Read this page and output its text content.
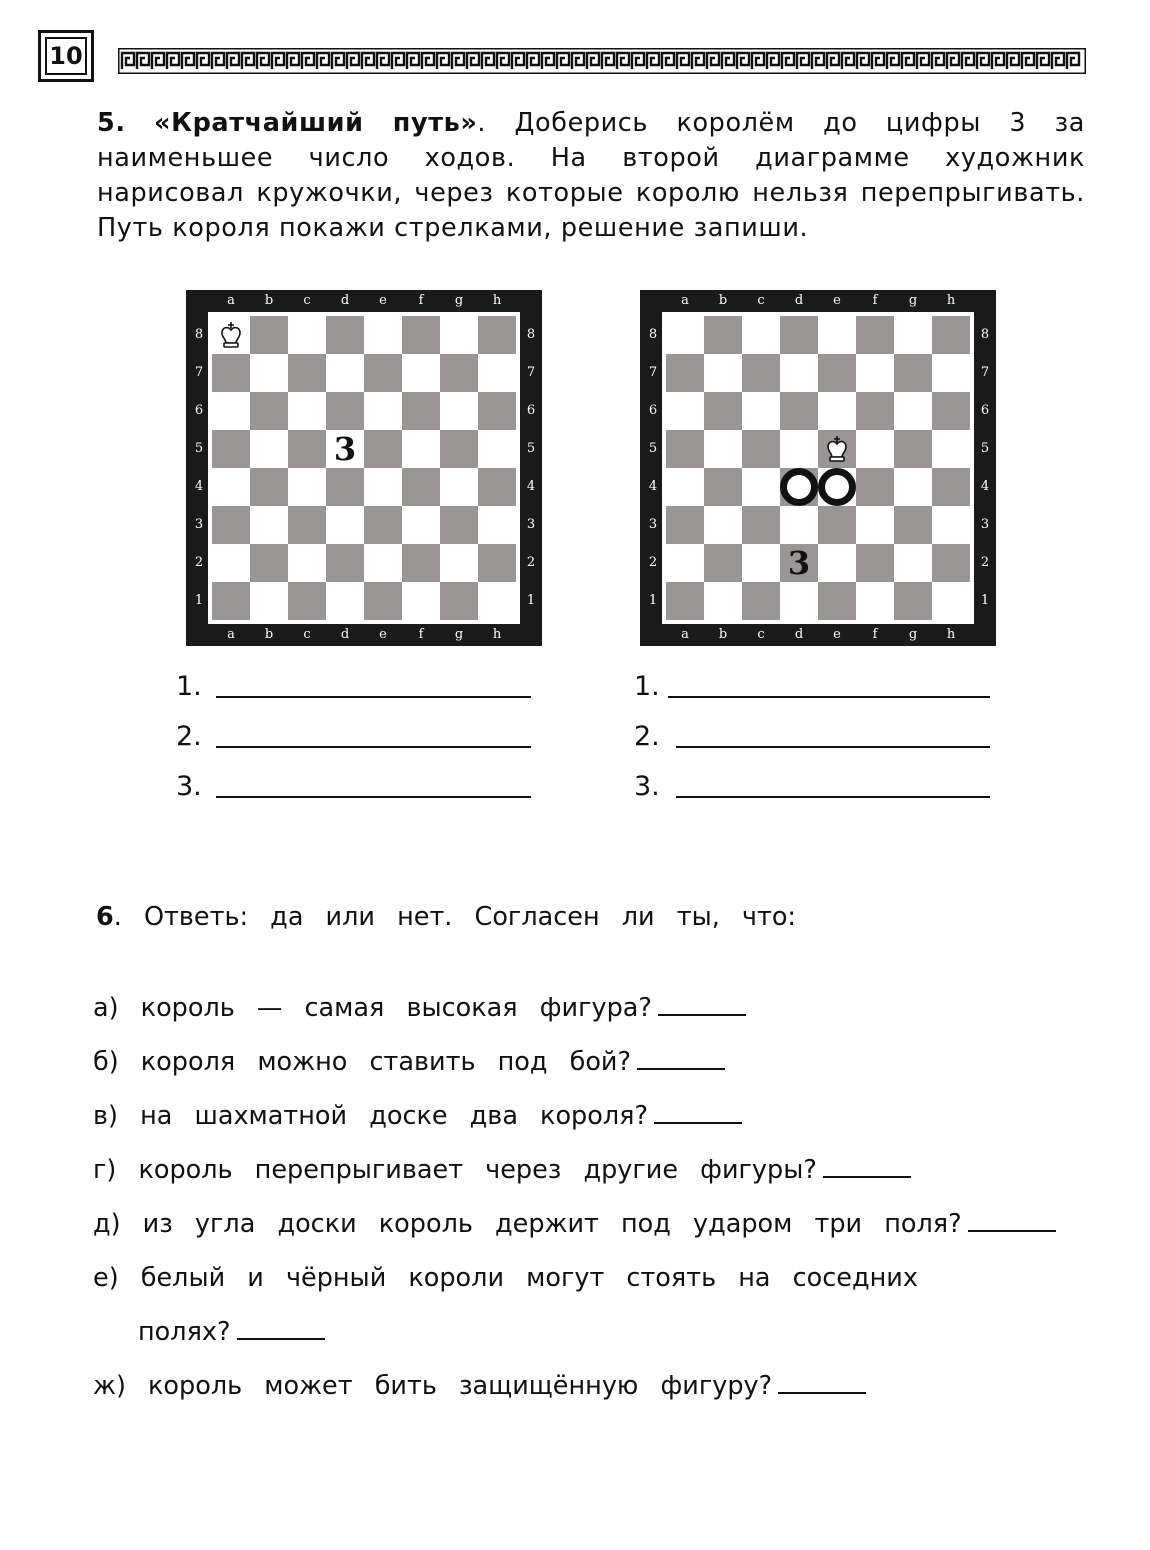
10
5. «Кратчайший путь». Доберись королём до цифры 3 за
наименьшее число ходов. На второй диаграмме художник
нарисовал кружочки, через которые королю нельзя перепрыгивать.
Путь короля покажи стрелками, решение запиши.
3
a
a
b
b
c
c
d
d
e
e
f
f
g
g
h
h
8	8
7	7
6	6
5	5
4	4
3	3
2	2
1	1
3
a
a
b
b
c
c
d
d
e
e
f
f
g
g
h
h
8	8
7	7
6	6
5	5
4	4
3	3
2	2
1	1
1.
2.
3.
1.
2.
3.
6. Ответь: да или нет. Согласен ли ты, что:
а) король — самая высокая фигура?
б) короля можно ставить под бой?
в) на шахматной доске два короля?
г) король перепрыгивает через другие фигуры?
д) из угла доски король держит под ударом три поля?
е) белый и чёрный короли могут стоять на соседних
полях?
ж) король может бить защищённую фигуру?
